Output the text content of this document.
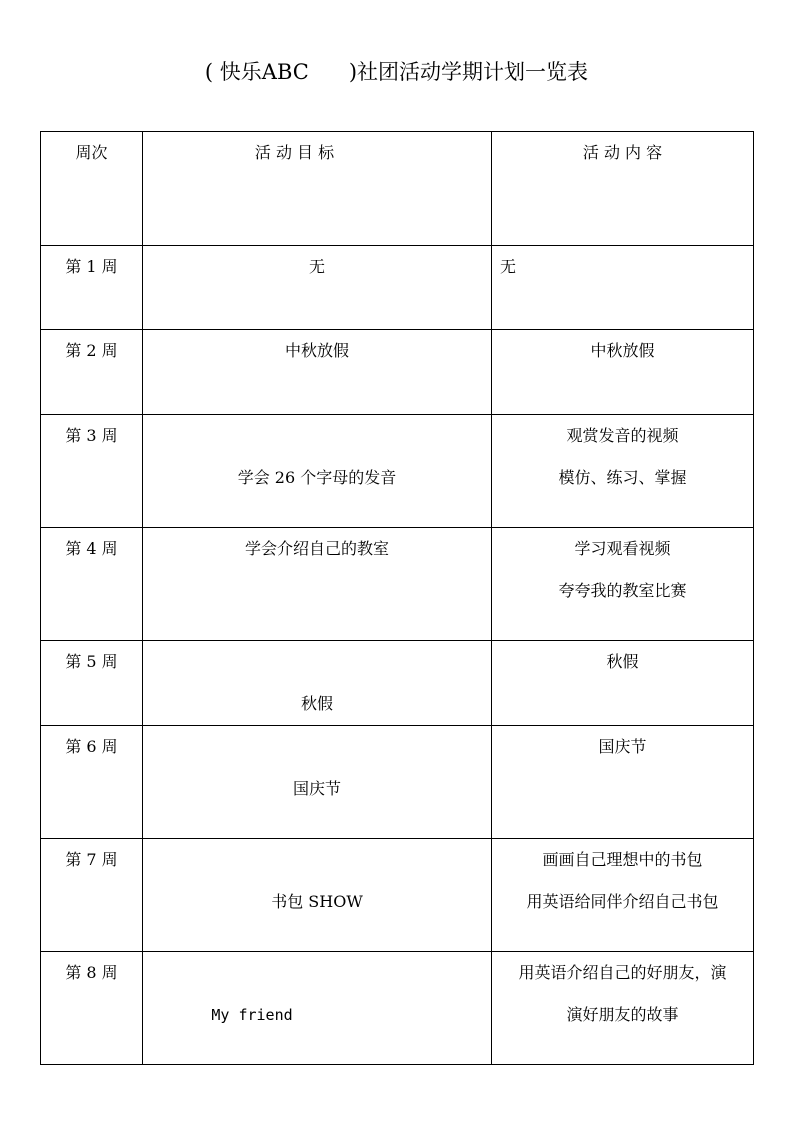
( 快乐ABC )社团活动学期计划一览表
周次	活 动 目 标	活 动 内 容

第 1 周	无	无

第 2 周	中秋放假	中秋放假

第 3 周	学会 26 个字母的发音	观赏发音的视频
模仿、练习、掌握

第 4 周	学会介绍自己的教室	学习观看视频
夸夸我的教室比赛

第 5 周	秋假	秋假

第 6 周	国庆节	国庆节

第 7 周	书包 SHOW	画画自己理想中的书包
用英语给同伴介绍自己书包

第 8 周	My friend	用英语介绍自己的好朋友，演
演好朋友的故事
